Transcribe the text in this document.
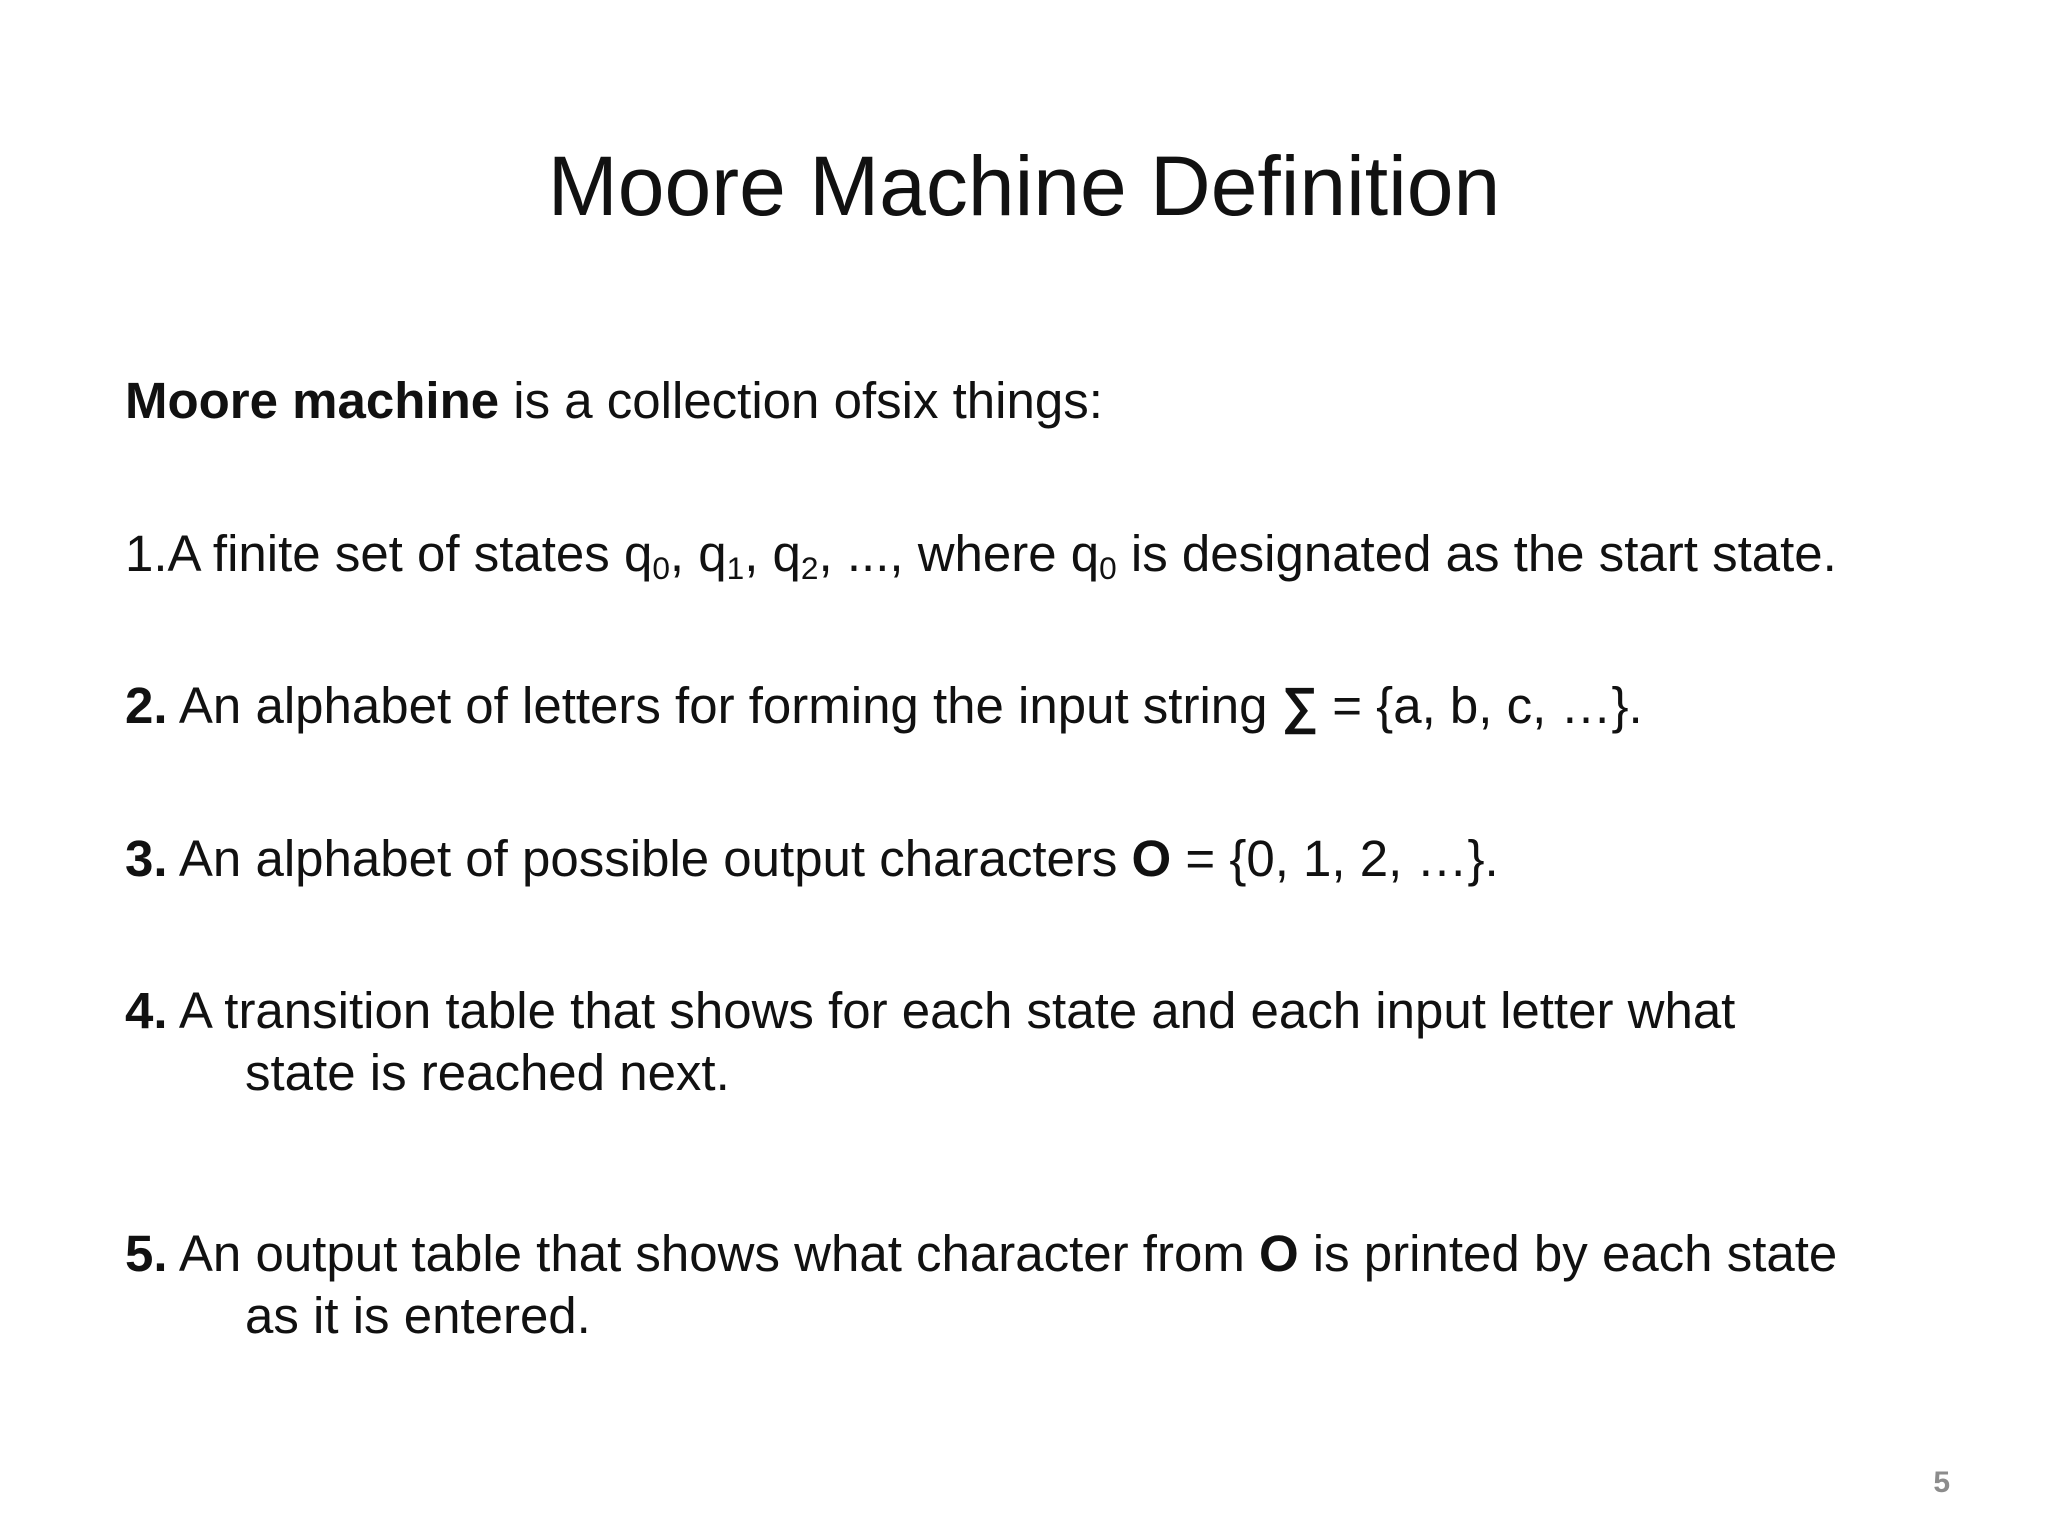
Moore Machine Definition

Moore machine is a collection ofsix things:

1.A finite set of states $q_0$, $q_1$, $q_2$, ..., where $q_0$ is designated as the start state.

2. An alphabet of letters for forming the input string ∑ = {a, b, c, …}.

3. An alphabet of possible output characters O = {0, 1, 2, …}.

4. A transition table that shows for each state and each input letter what
state is reached next.

5. An output table that shows what character from O is printed by each state
as it is entered.

5
